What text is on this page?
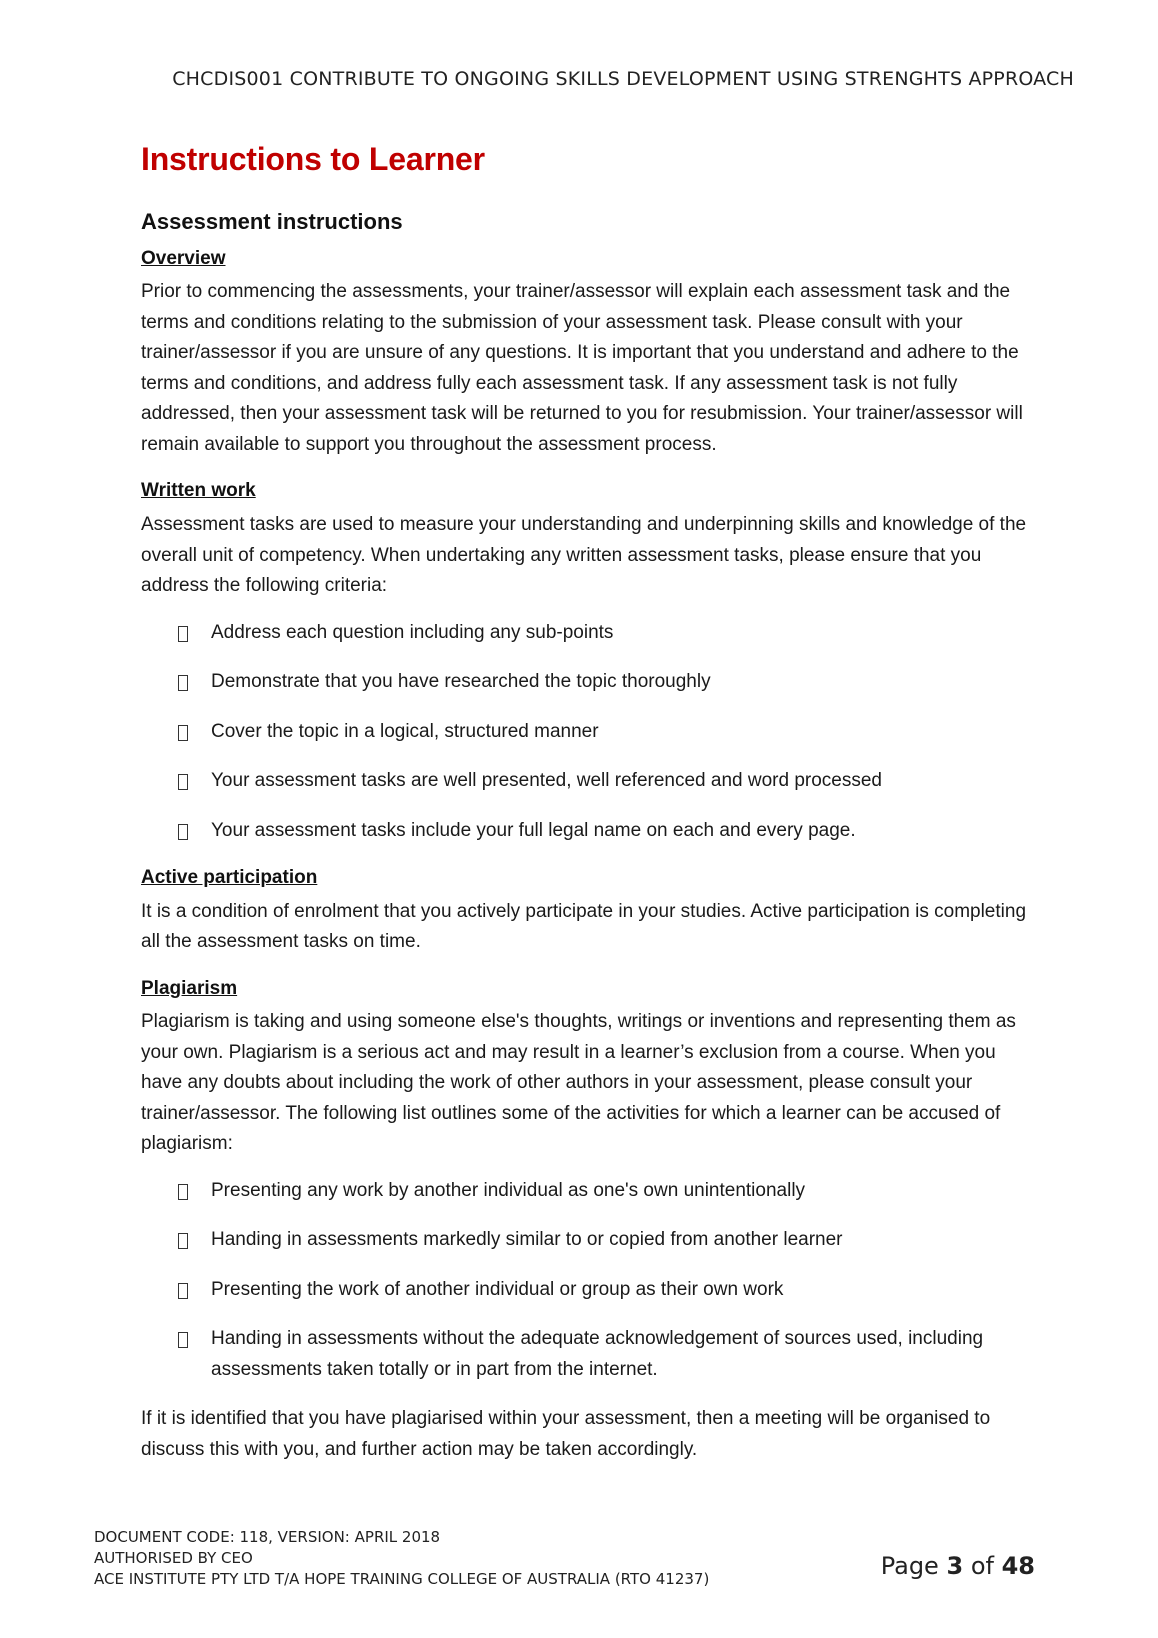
CHCDIS001 CONTRIBUTE TO ONGOING SKILLS DEVELOPMENT USING STRENGHTS APPROACH
Instructions to Learner
Assessment instructions
Overview

Prior to commencing the assessments, your trainer/assessor will explain each assessment task and the terms and conditions relating to the submission of your assessment task. Please consult with your trainer/assessor if you are unsure of any questions. It is important that you understand and adhere to the terms and conditions, and address fully each assessment task. If any assessment task is not fully addressed, then your assessment task will be returned to you for resubmission. Your trainer/assessor will remain available to support you throughout the assessment process.

Written work

Assessment tasks are used to measure your understanding and underpinning skills and knowledge of the overall unit of competency. When undertaking any written assessment tasks, please ensure that you address the following criteria:

Address each question including any sub-points
Demonstrate that you have researched the topic thoroughly
Cover the topic in a logical, structured manner
Your assessment tasks are well presented, well referenced and word processed
Your assessment tasks include your full legal name on each and every page.
Active participation

It is a condition of enrolment that you actively participate in your studies. Active participation is completing all the assessment tasks on time.

Plagiarism

Plagiarism is taking and using someone else's thoughts, writings or inventions and representing them as your own. Plagiarism is a serious act and may result in a learner’s exclusion from a course. When you have any doubts about including the work of other authors in your assessment, please consult your trainer/assessor. The following list outlines some of the activities for which a learner can be accused of plagiarism:

Presenting any work by another individual as one's own unintentionally
Handing in assessments markedly similar to or copied from another learner
Presenting the work of another individual or group as their own work
Handing in assessments without the adequate acknowledgement of sources used, including assessments taken totally or in part from the internet.

If it is identified that you have plagiarised within your assessment, then a meeting will be organised to discuss this with you, and further action may be taken accordingly.

DOCUMENT CODE: 118, VERSION: APRIL 2018
AUTHORISED BY CEO
ACE INSTITUTE PTY LTD T/A HOPE TRAINING COLLEGE OF AUSTRALIA (RTO 41237)	Page 3 of 48
